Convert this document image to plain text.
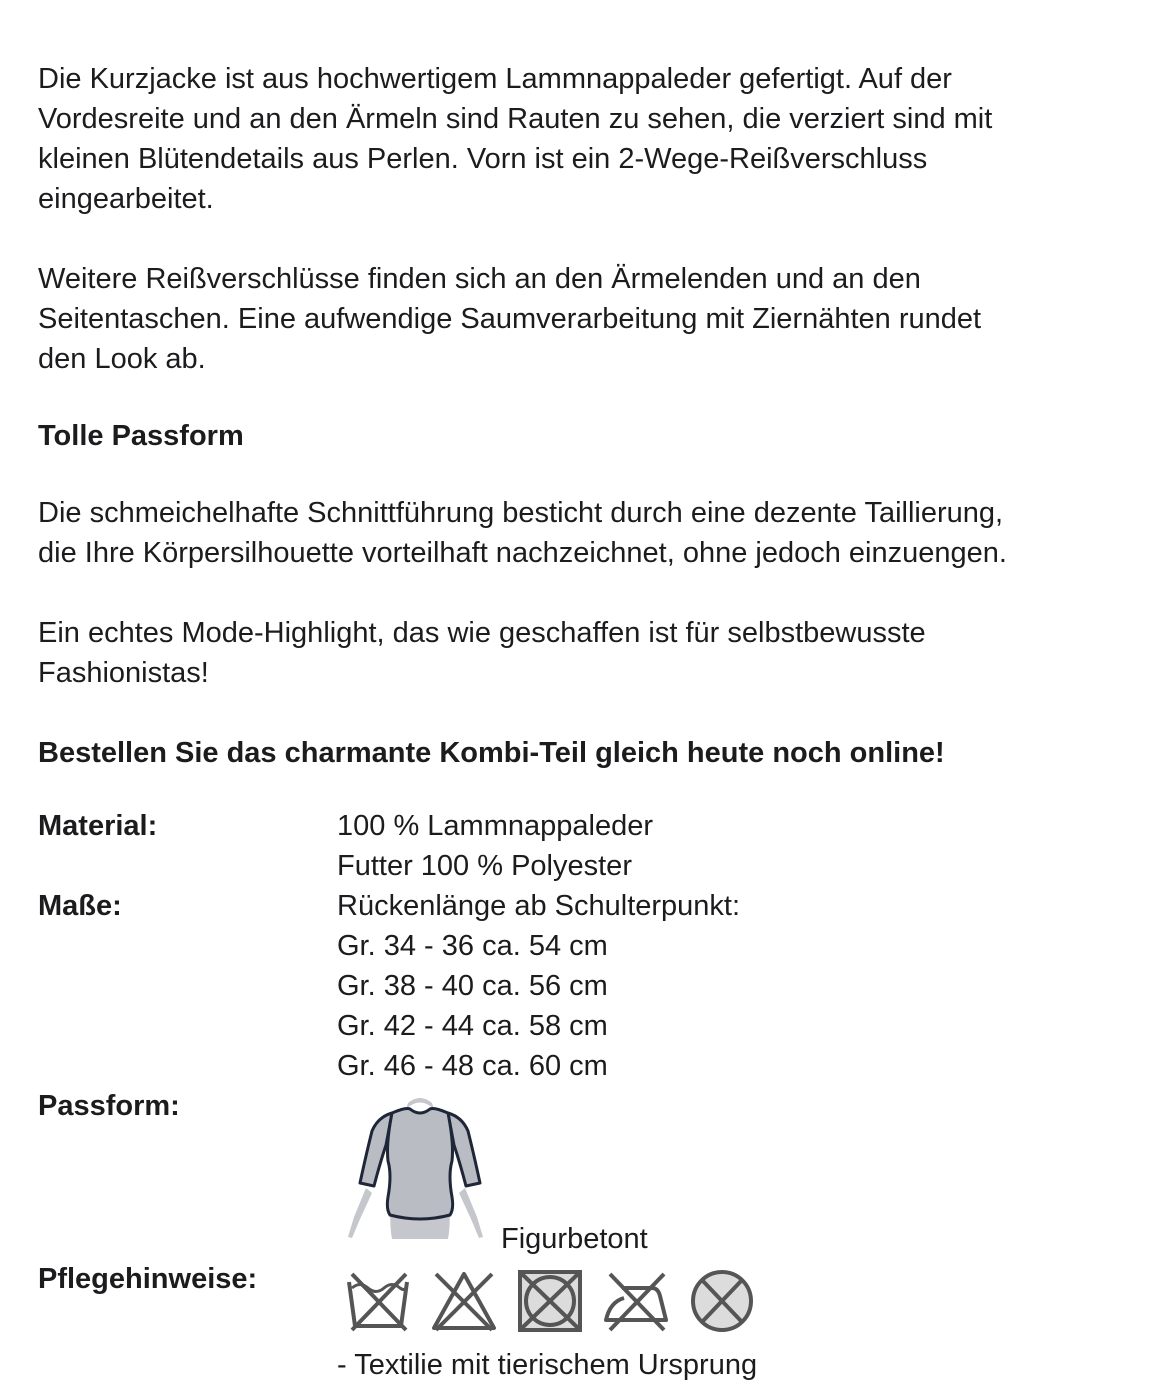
Die Kurzjacke ist aus hochwertigem Lammnappaleder gefertigt. Auf der
Vordesreite und an den Ärmeln sind Rauten zu sehen, die verziert sind mit
kleinen Blütendetails aus Perlen. Vorn ist ein 2-Wege-Reißverschluss
eingearbeitet.

Weitere Reißverschlüsse finden sich an den Ärmelenden und an den
Seitentaschen. Eine aufwendige Saumverarbeitung mit Ziernähten rundet
den Look ab.

Tolle Passform

Die schmeichelhafte Schnittführung besticht durch eine dezente Taillierung,
die Ihre Körpersilhouette vorteilhaft nachzeichnet, ohne jedoch einzuengen.

Ein echtes Mode-Highlight, das wie geschaffen ist für selbstbewusste
Fashionistas!

Bestellen Sie das charmante Kombi-Teil gleich heute noch online!

Material:	100 % Lammnappaleder
Futter 100 % Polyester
Maße:	Rückenlänge ab Schulterpunkt:
Gr. 34 - 36 ca. 54 cm
Gr. 38 - 40 ca. 56 cm
Gr. 42 - 44 ca. 58 cm
Gr. 46 - 48 ca. 60 cm
Passform:
Figurbetont
Pflegehinweise:
- Textilie mit tierischem Ursprung
